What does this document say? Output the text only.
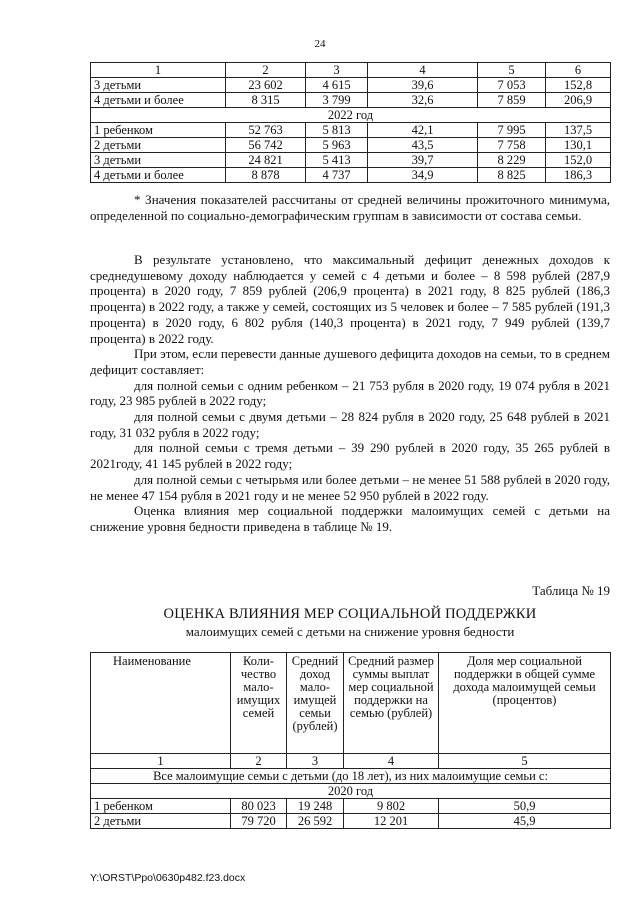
24
1	2	3	4	5	6
3 детьми	23 602	4 615	39,6	7 053	152,8
4 детьми и более	8 315	3 799	32,6	7 859	206,9
2022 год					
1 ребенком	52 763	5 813	42,1	7 995	137,5
2 детьми	56 742	5 963	43,5	7 758	130,1
3 детьми	24 821	5 413	39,7	8 229	152,0
4 детьми и более	8 878	4 737	34,9	8 825	186,3

* Значения показателей рассчитаны от средней величины прожиточного минимума, определенной по социально-демографическим группам в зависимости от состава семьи.

В результате установлено, что максимальный дефицит денежных доходов к среднедушевому доходу наблюдается у семей с 4 детьми и более – 8 598 рублей (287,9 процента) в 2020 году, 7 859 рублей (206,9 процента) в 2021 году, 8 825 рублей (186,3 процента) в 2022 году, а также у семей, состоящих из 5 человек и более – 7 585 рублей (191,3 процента) в 2020 году, 6 802 рубля (140,3 процента) в 2021 году, 7 949 рублей (139,7 процента) в 2022 году.

При этом, если перевести данные душевого дефицита доходов на семьи, то в среднем дефицит составляет:

для полной семьи с одним ребенком – 21 753 рубля в 2020 году, 19 074 рубля в 2021 году, 23 985 рублей в 2022 году;

для полной семьи с двумя детьми – 28 824 рубля в 2020 году, 25 648 рублей в 2021 году, 31 032 рубля в 2022 году;

для полной семьи с тремя детьми – 39 290 рублей в 2020 году, 35 265 рублей в 2021году, 41 145 рублей в 2022 году;

для полной семьи с четырьмя или более детьми – не менее 51 588 рублей в 2020 году, не менее 47 154 рубля в 2021 году и не менее 52 950 рублей в 2022 году.

Оценка влияния мер социальной поддержки малоимущих семей с детьми на снижение уровня бедности приведена в таблице № 19.

Таблица № 19
ОЦЕНКА ВЛИЯНИЯ МЕР СОЦИАЛЬНОЙ ПОДДЕРЖКИ
малоимущих семей с детьми на снижение уровня бедности
Наименование	Коли-чество мало-имущих семей	Средний доход мало-имущей семьи (рублей)	Средний размер суммы выплат мер социальной поддержки на семью (рублей)	Доля мер социальной поддержки в общей сумме дохода малоимущей семьи (процентов)
1	2	3	4	5
Все малоимущие семьи с детьми (до 18 лет), из них малоимущие семьи с:				
2020 год				
1 ребенком	80 023	19 248	9 802	50,9
2 детьми	79 720	26 592	12 201	45,9
Y:\ORST\Ppo\0630p482.f23.docx
